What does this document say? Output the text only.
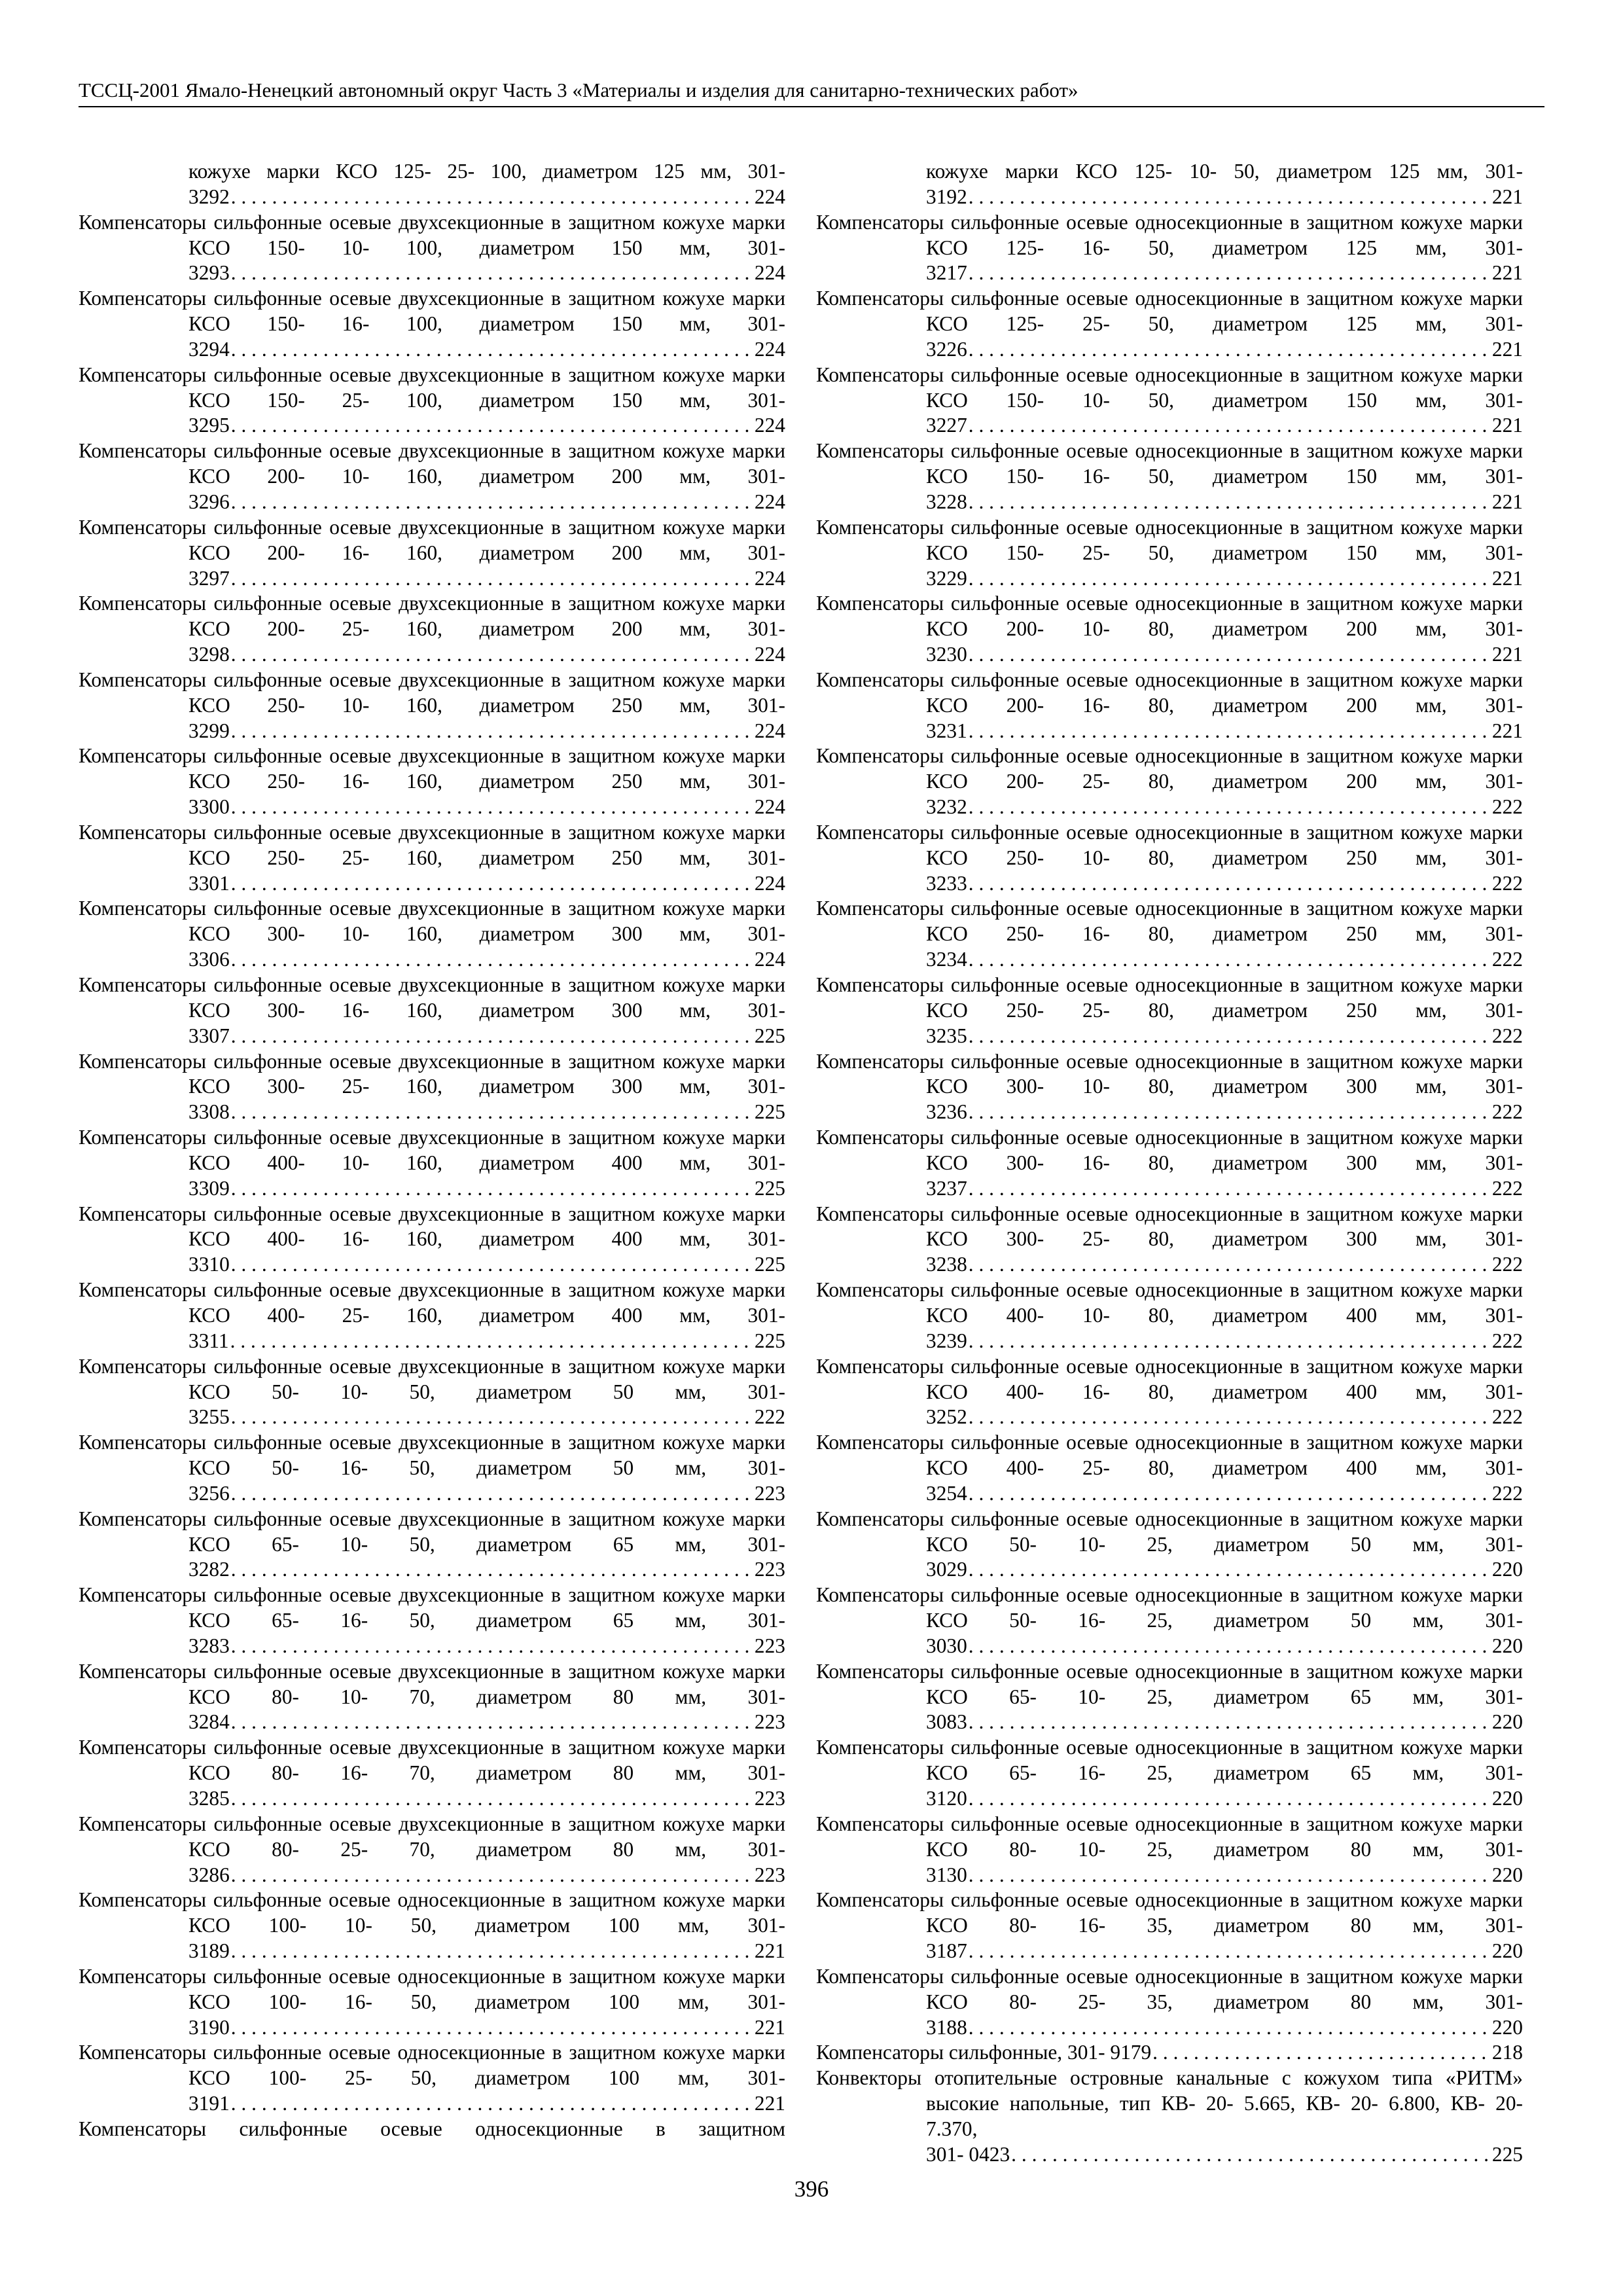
ТССЦ-2001 Ямало-Ненецкий автономный округ Часть 3 «Материалы и изделия для санитарно-технических работ»
кожухе марки КСО 125- 25- 100, диаметром 125 мм, 301-
3292 . . .	224
Компенсаторы сильфонные осевые двухсекционные в защитном кожухе марки КСО 150- 10- 100, диаметром 150 мм, 301-
3293 . . .	224
Компенсаторы сильфонные осевые двухсекционные в защитном кожухе марки КСО 150- 16- 100, диаметром 150 мм, 301-
3294 . . .	224
Компенсаторы сильфонные осевые двухсекционные в защитном кожухе марки КСО 150- 25- 100, диаметром 150 мм, 301-
3295 . . .	224
Компенсаторы сильфонные осевые двухсекционные в защитном кожухе марки КСО 200- 10- 160, диаметром 200 мм, 301-
3296 . . .	224
Компенсаторы сильфонные осевые двухсекционные в защитном кожухе марки КСО 200- 16- 160, диаметром 200 мм, 301-
3297 . . .	224
Компенсаторы сильфонные осевые двухсекционные в защитном кожухе марки КСО 200- 25- 160, диаметром 200 мм, 301-
3298 . . .	224
Компенсаторы сильфонные осевые двухсекционные в защитном кожухе марки КСО 250- 10- 160, диаметром 250 мм, 301-
3299 . . .	224
Компенсаторы сильфонные осевые двухсекционные в защитном кожухе марки КСО 250- 16- 160, диаметром 250 мм, 301-
3300 . . .	224
Компенсаторы сильфонные осевые двухсекционные в защитном кожухе марки КСО 250- 25- 160, диаметром 250 мм, 301-
3301 . . .	224
Компенсаторы сильфонные осевые двухсекционные в защитном кожухе марки КСО 300- 10- 160, диаметром 300 мм, 301-
3306 . . .	224
Компенсаторы сильфонные осевые двухсекционные в защитном кожухе марки КСО 300- 16- 160, диаметром 300 мм, 301-
3307 . . .	225
Компенсаторы сильфонные осевые двухсекционные в защитном кожухе марки КСО 300- 25- 160, диаметром 300 мм, 301-
3308 . . .	225
Компенсаторы сильфонные осевые двухсекционные в защитном кожухе марки КСО 400- 10- 160, диаметром 400 мм, 301-
3309 . . .	225
Компенсаторы сильфонные осевые двухсекционные в защитном кожухе марки КСО 400- 16- 160, диаметром 400 мм, 301-
3310 . . .	225
Компенсаторы сильфонные осевые двухсекционные в защитном кожухе марки КСО 400- 25- 160, диаметром 400 мм, 301-
3311 . . .	225
Компенсаторы сильфонные осевые двухсекционные в защитном кожухе марки КСО 50- 10- 50, диаметром 50 мм, 301-
3255 . . .	222
Компенсаторы сильфонные осевые двухсекционные в защитном кожухе марки КСО 50- 16- 50, диаметром 50 мм, 301-
3256 . . .	223
Компенсаторы сильфонные осевые двухсекционные в защитном кожухе марки КСО 65- 10- 50, диаметром 65 мм, 301-
3282 . . .	223
Компенсаторы сильфонные осевые двухсекционные в защитном кожухе марки КСО 65- 16- 50, диаметром 65 мм, 301-
3283 . . .	223
Компенсаторы сильфонные осевые двухсекционные в защитном кожухе марки КСО 80- 10- 70, диаметром 80 мм, 301-
3284 . . .	223
Компенсаторы сильфонные осевые двухсекционные в защитном кожухе марки КСО 80- 16- 70, диаметром 80 мм, 301-
3285 . . .	223
Компенсаторы сильфонные осевые двухсекционные в защитном кожухе марки КСО 80- 25- 70, диаметром 80 мм, 301-
3286 . . .	223
Компенсаторы сильфонные осевые односекционные в защитном кожухе марки КСО 100- 10- 50, диаметром 100 мм, 301-
3189 . . .	221
Компенсаторы сильфонные осевые односекционные в защитном кожухе марки КСО 100- 16- 50, диаметром 100 мм, 301-
3190 . . .	221
Компенсаторы сильфонные осевые односекционные в защитном кожухе марки КСО 100- 25- 50, диаметром 100 мм, 301-
3191 . . .	221
Компенсаторы сильфонные осевые односекционные в защитном
кожухе марки КСО 125- 10- 50, диаметром 125 мм, 301-
3192 . . .	221
Компенсаторы сильфонные осевые односекционные в защитном кожухе марки КСО 125- 16- 50, диаметром 125 мм, 301-
3217 . . .	221
Компенсаторы сильфонные осевые односекционные в защитном кожухе марки КСО 125- 25- 50, диаметром 125 мм, 301-
3226 . . .	221
Компенсаторы сильфонные осевые односекционные в защитном кожухе марки КСО 150- 10- 50, диаметром 150 мм, 301-
3227 . . .	221
Компенсаторы сильфонные осевые односекционные в защитном кожухе марки КСО 150- 16- 50, диаметром 150 мм, 301-
3228 . . .	221
Компенсаторы сильфонные осевые односекционные в защитном кожухе марки КСО 150- 25- 50, диаметром 150 мм, 301-
3229 . . .	221
Компенсаторы сильфонные осевые односекционные в защитном кожухе марки КСО 200- 10- 80, диаметром 200 мм, 301-
3230 . . .	221
Компенсаторы сильфонные осевые односекционные в защитном кожухе марки КСО 200- 16- 80, диаметром 200 мм, 301-
3231 . . .	221
Компенсаторы сильфонные осевые односекционные в защитном кожухе марки КСО 200- 25- 80, диаметром 200 мм, 301-
3232 . . .	222
Компенсаторы сильфонные осевые односекционные в защитном кожухе марки КСО 250- 10- 80, диаметром 250 мм, 301-
3233 . . .	222
Компенсаторы сильфонные осевые односекционные в защитном кожухе марки КСО 250- 16- 80, диаметром 250 мм, 301-
3234 . . .	222
Компенсаторы сильфонные осевые односекционные в защитном кожухе марки КСО 250- 25- 80, диаметром 250 мм, 301-
3235 . . .	222
Компенсаторы сильфонные осевые односекционные в защитном кожухе марки КСО 300- 10- 80, диаметром 300 мм, 301-
3236 . . .	222
Компенсаторы сильфонные осевые односекционные в защитном кожухе марки КСО 300- 16- 80, диаметром 300 мм, 301-
3237 . . .	222
Компенсаторы сильфонные осевые односекционные в защитном кожухе марки КСО 300- 25- 80, диаметром 300 мм, 301-
3238 . . .	222
Компенсаторы сильфонные осевые односекционные в защитном кожухе марки КСО 400- 10- 80, диаметром 400 мм, 301-
3239 . . .	222
Компенсаторы сильфонные осевые односекционные в защитном кожухе марки КСО 400- 16- 80, диаметром 400 мм, 301-
3252 . . .	222
Компенсаторы сильфонные осевые односекционные в защитном кожухе марки КСО 400- 25- 80, диаметром 400 мм, 301-
3254 . . .	222
Компенсаторы сильфонные осевые односекционные в защитном кожухе марки КСО 50- 10- 25, диаметром 50 мм, 301-
3029 . . .	220
Компенсаторы сильфонные осевые односекционные в защитном кожухе марки КСО 50- 16- 25, диаметром 50 мм, 301-
3030 . . .	220
Компенсаторы сильфонные осевые односекционные в защитном кожухе марки КСО 65- 10- 25, диаметром 65 мм, 301-
3083 . . .	220
Компенсаторы сильфонные осевые односекционные в защитном кожухе марки КСО 65- 16- 25, диаметром 65 мм, 301-
3120 . . .	220
Компенсаторы сильфонные осевые односекционные в защитном кожухе марки КСО 80- 10- 25, диаметром 80 мм, 301-
3130 . . .	220
Компенсаторы сильфонные осевые односекционные в защитном кожухе марки КСО 80- 16- 35, диаметром 80 мм, 301-
3187 . . .	220
Компенсаторы сильфонные осевые односекционные в защитном кожухе марки КСО 80- 25- 35, диаметром 80 мм, 301-
3188 . . .	220
Компенсаторы сильфонные, 301- 9179 . . .	218
Конвекторы отопительные островные канальные с кожухом типа «РИТМ» высокие напольные, тип КВ- 20- 5.665, КВ- 20- 6.800, КВ- 20- 7.370,
301- 0423 . . .	225
396
